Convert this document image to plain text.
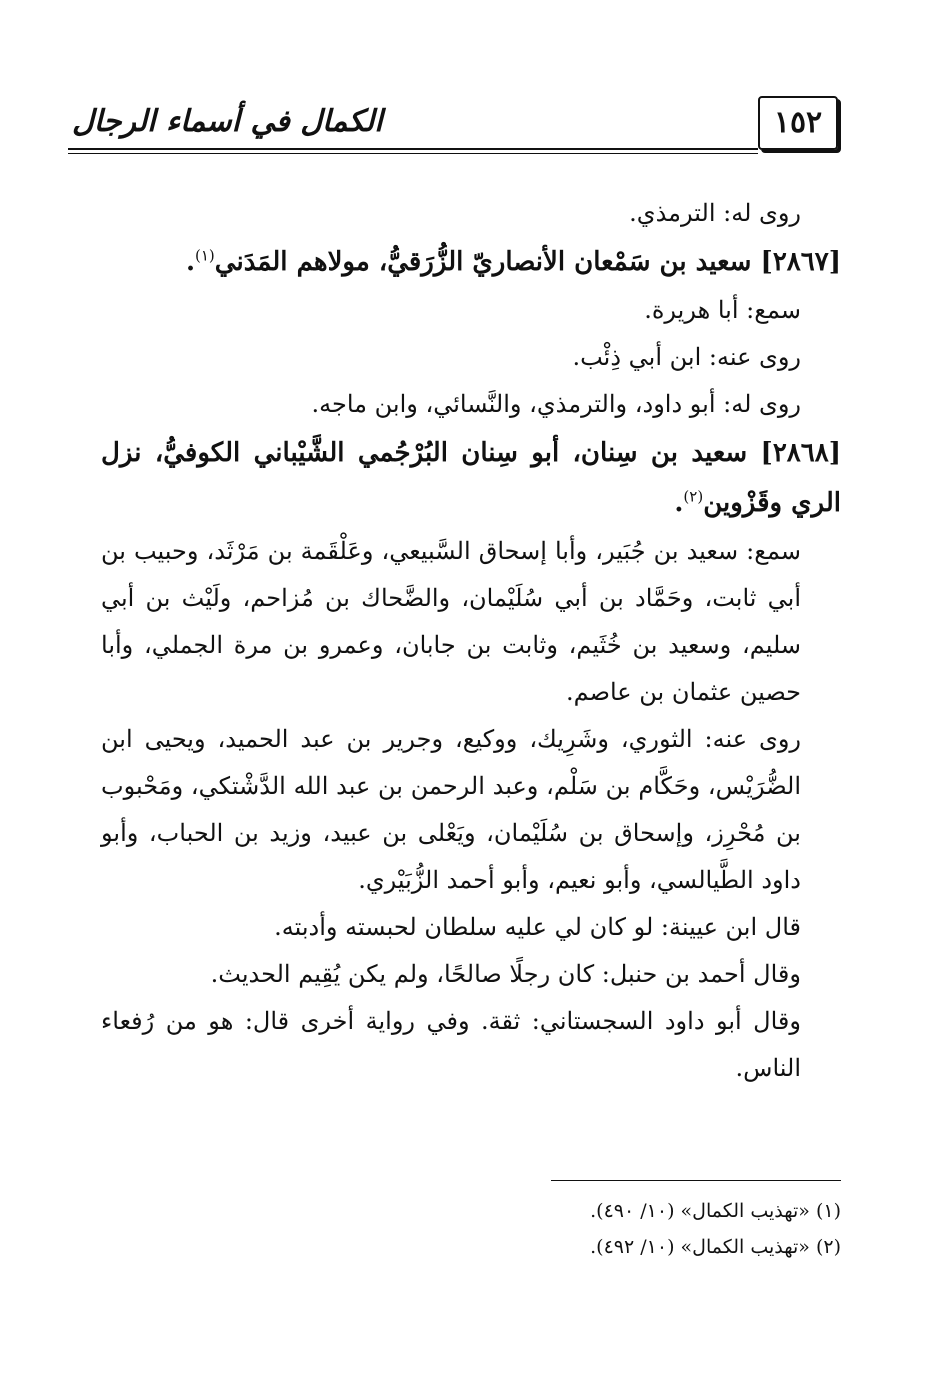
١٥٢
الكمال في أسماء الرجال

روى له: الترمذي.

[٢٨٦٧] سعيد بن سَمْعان الأنصاريّ الزُّرَقيُّ، مولاهم المَدَني$^{(١)}$.

سمع: أبا هريرة.

روى عنه: ابن أبي ذِئْب.

روى له: أبو داود، والترمذي، والنَّسائي، وابن ماجه.

[٢٨٦٨] سعيد بن سِنان، أبو سِنان البُرْجُمي الشَّيْباني الكوفيُّ، نزل الري وقَزْوين$^{(٢)}$.

سمع: سعيد بن جُبَير، وأبا إسحاق السَّبيعي، وعَلْقَمة بن مَرْثَد، وحبيب بن أبي ثابت، وحَمَّاد بن أبي سُلَيْمان، والضَّحاك بن مُزاحم، ولَيْث بن أبي سليم، وسعيد بن خُثَيم، وثابت بن جابان، وعمرو بن مرة الجملي، وأبا حصين عثمان بن عاصم.

روى عنه: الثوري، وشَرِيك، ووكيع، وجرير بن عبد الحميد، ويحيى ابن الضُّرَيْس، وحَكَّام بن سَلْم، وعبد الرحمن بن عبد الله الدَّشْتكي، ومَحْبوب بن مُحْرِز، وإسحاق بن سُلَيْمان، ويَعْلى بن عبيد، وزيد بن الحباب، وأبو داود الطَّيالسي، وأبو نعيم، وأبو أحمد الزُّبَيْري.

قال ابن عيينة: لو كان لي عليه سلطان لحبسته وأدبته.

وقال أحمد بن حنبل: كان رجلًا صالحًا، ولم يكن يُقِيم الحديث.

وقال أبو داود السجستاني: ثقة. وفي رواية أخرى قال: هو من رُفعاء الناس.

(١) «تهذيب الكمال» (١٠/ ٤٩٠).

(٢) «تهذيب الكمال» (١٠/ ٤٩٢).
